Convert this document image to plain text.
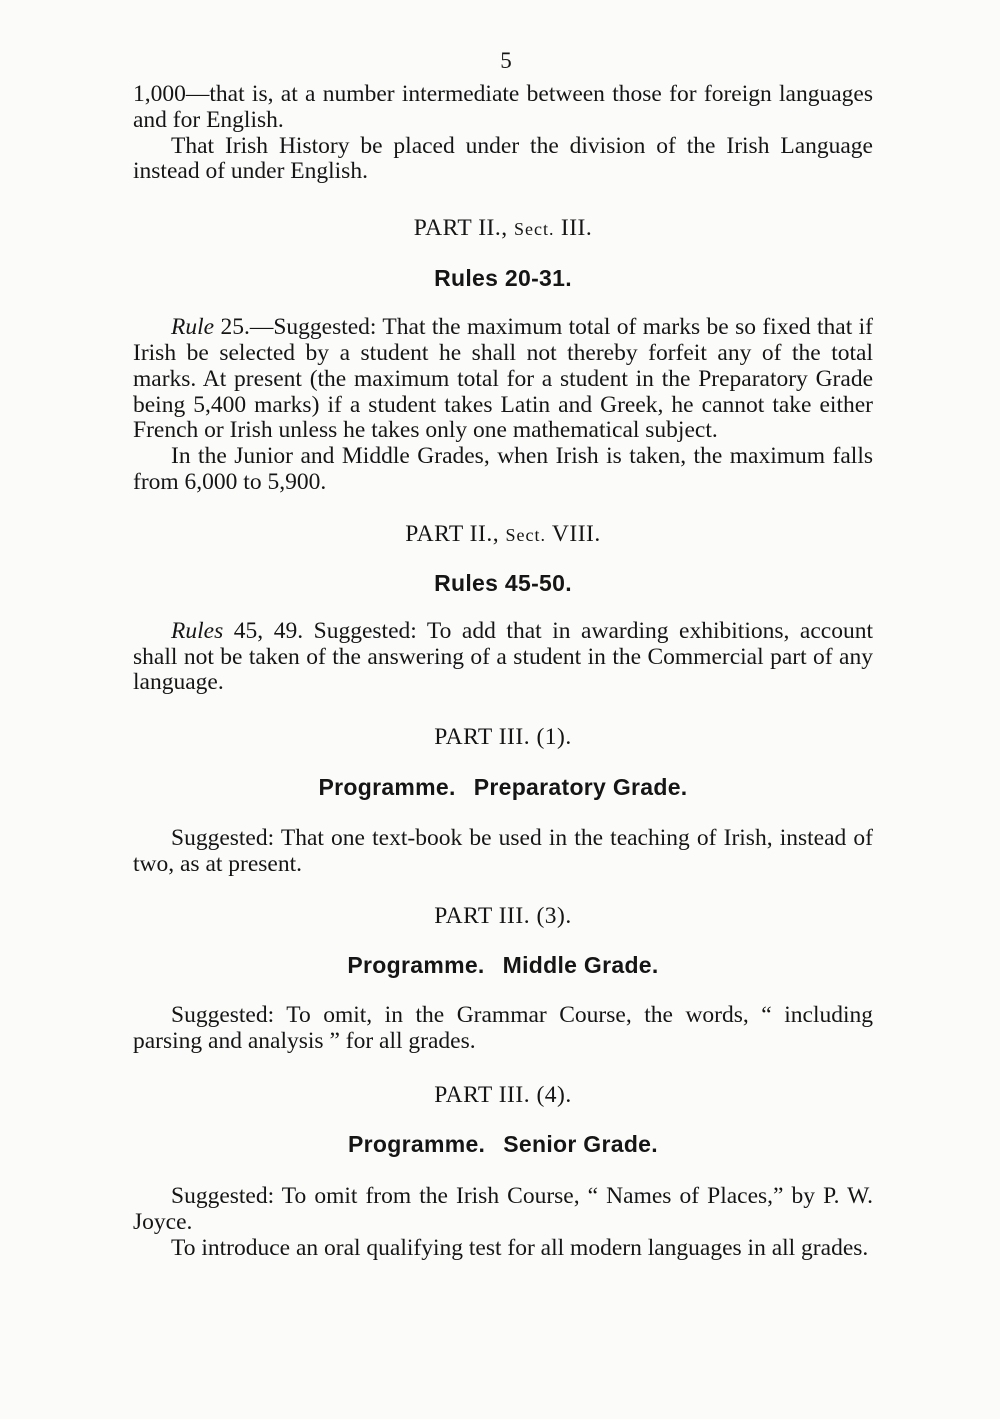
5

1,000—that is, at a number intermediate between those for foreign languages and for English.

That Irish History be placed under the division of the Irish Language instead of under English.

PART II., Sect. III.
Rules 20-31.

Rule 25.—Suggested: That the maximum total of marks be so fixed that if Irish be selected by a student he shall not thereby forfeit any of the total marks. At present (the maximum total for a student in the Preparatory Grade being 5,400 marks) if a student takes Latin and Greek, he cannot take either French or Irish unless he takes only one mathematical subject.

In the Junior and Middle Grades, when Irish is taken, the maximum falls from 6,000 to 5,900.

PART II., Sect. VIII.
Rules 45-50.

Rules 45, 49. Suggested: To add that in awarding exhibitions, account shall not be taken of the answering of a student in the Commercial part of any language.

PART III. (1).
Programme. Preparatory Grade.

Suggested: That one text-book be used in the teaching of Irish, instead of two, as at present.

PART III. (3).
Programme. Middle Grade.

Suggested: To omit, in the Grammar Course, the words, “ including parsing and analysis ” for all grades.

PART III. (4).
Programme. Senior Grade.

Suggested: To omit from the Irish Course, “ Names of Places,” by P. W. Joyce.

To introduce an oral qualifying test for all modern languages in all grades.
